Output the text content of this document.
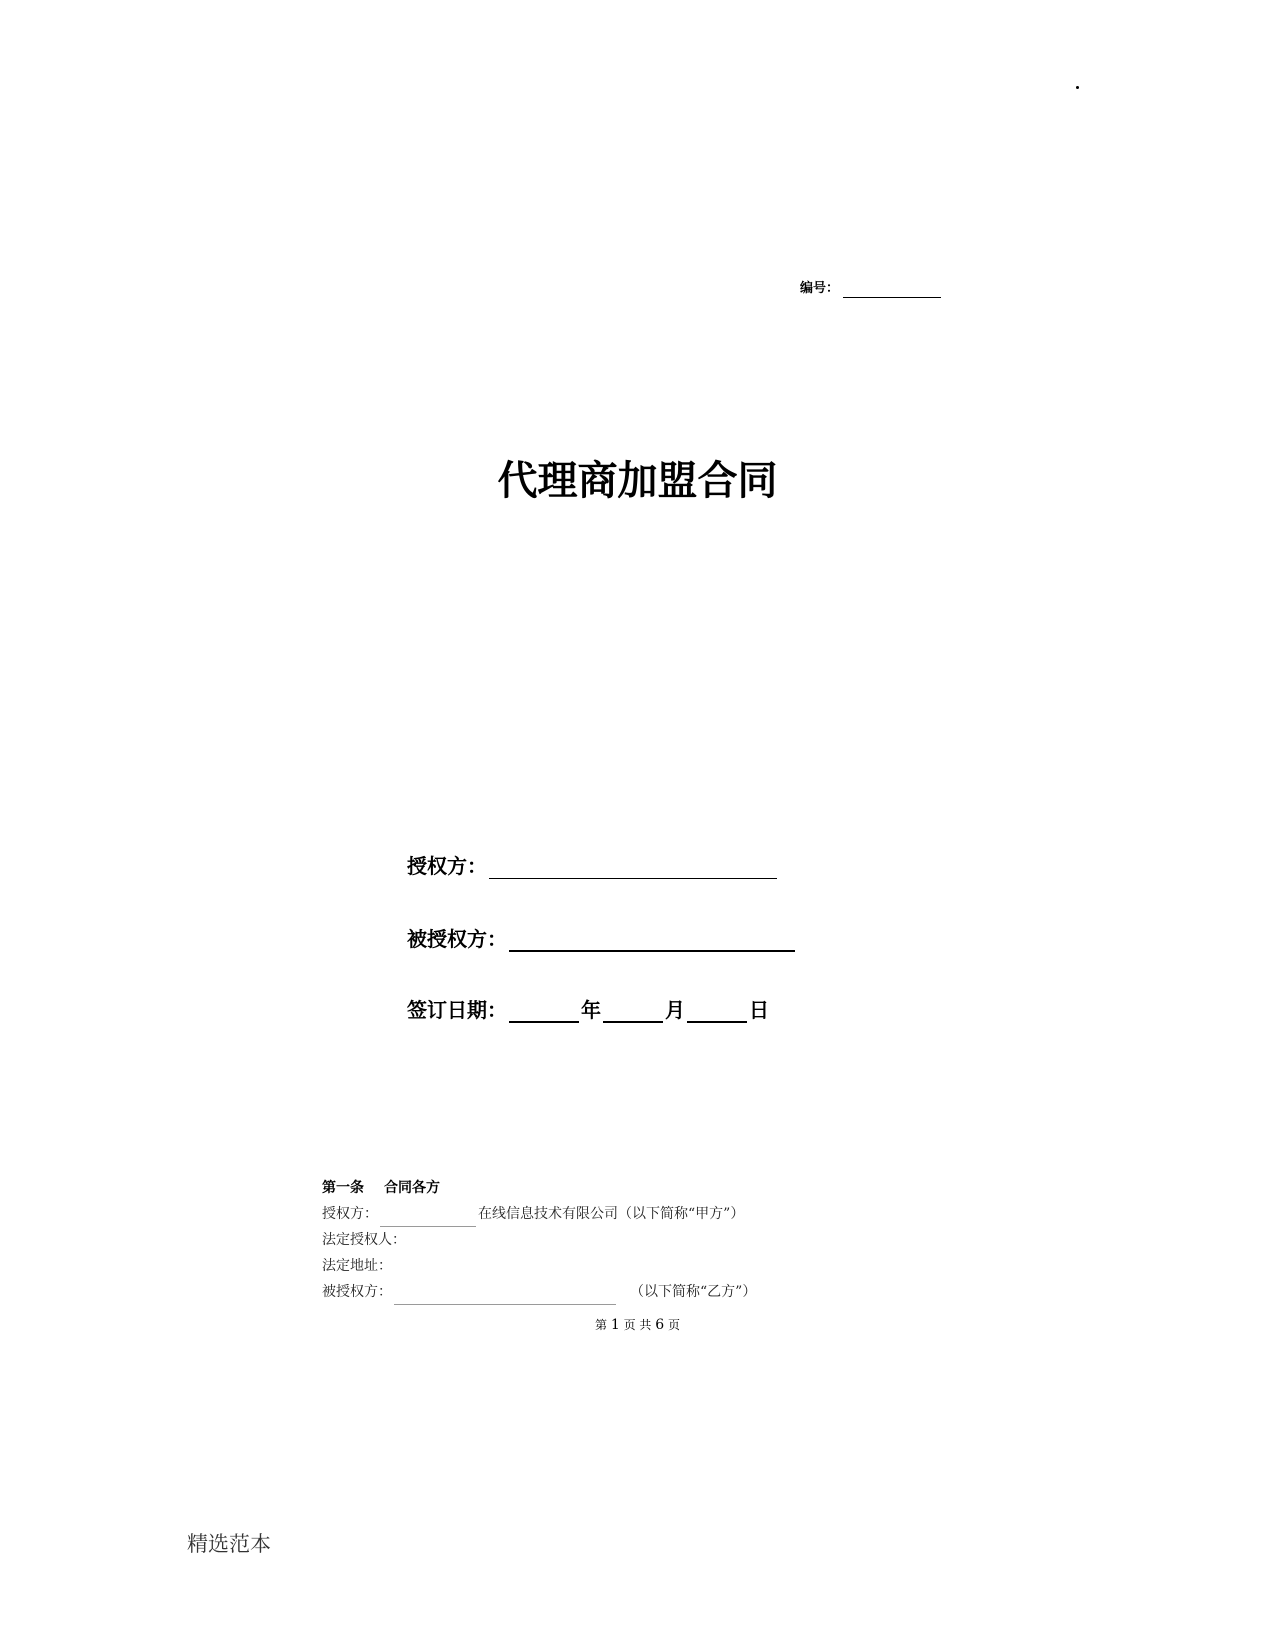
编号：
代理商加盟合同
授权方：
被授权方：
签订日期：	年	月	日
第一条 合同各方
授权方：	在线信息技术有限公司（以下简称“甲方”）
法定授权人：
法定地址：
被授权方：	（以下简称“乙方”）
第 1 页 共 6 页
精选范本
